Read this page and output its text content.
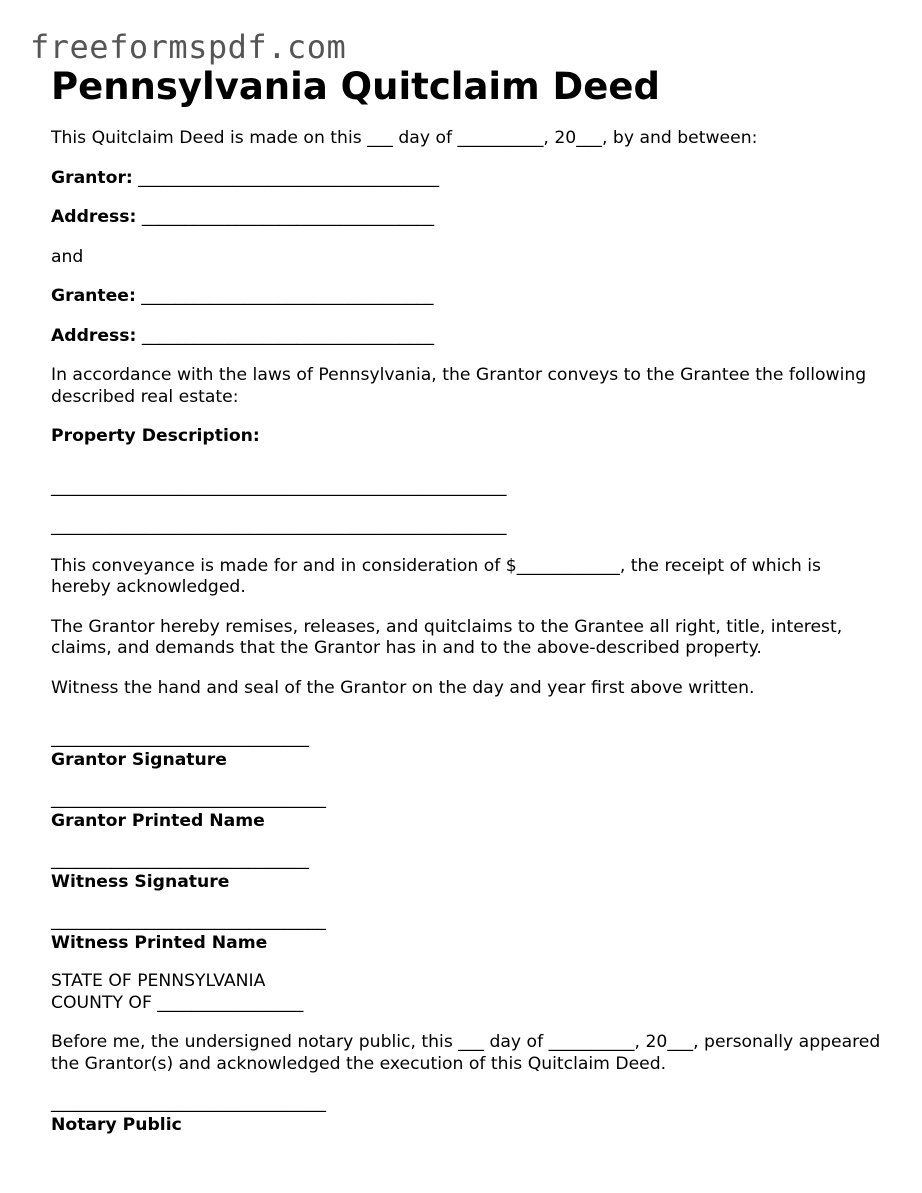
freeformspdf.com
Pennsylvania Quitclaim Deed
This Quitclaim Deed is made on this ___ day of __________, 20___, by and between:
Grantor: ___________________________________
Address: __________________________________
and
Grantee: __________________________________
Address: __________________________________
In accordance with the laws of Pennsylvania, the Grantor conveys to the Grantee the following described real estate:
Property Description:
_____________________________________________________
_____________________________________________________
This conveyance is made for and in consideration of $____________, the receipt of which is hereby acknowledged.
The Grantor hereby remises, releases, and quitclaims to the Grantee all right, title, interest, claims, and demands that the Grantor has in and to the above-described property.
Witness the hand and seal of the Grantor on the day and year first above written.
______________________________
Grantor Signature
________________________________
Grantor Printed Name
______________________________
Witness Signature
________________________________
Witness Printed Name
STATE OF PENNSYLVANIA
COUNTY OF _________________
Before me, the undersigned notary public, this ___ day of __________, 20___, personally appeared the Grantor(s) and acknowledged the execution of this Quitclaim Deed.
________________________________
Notary Public
